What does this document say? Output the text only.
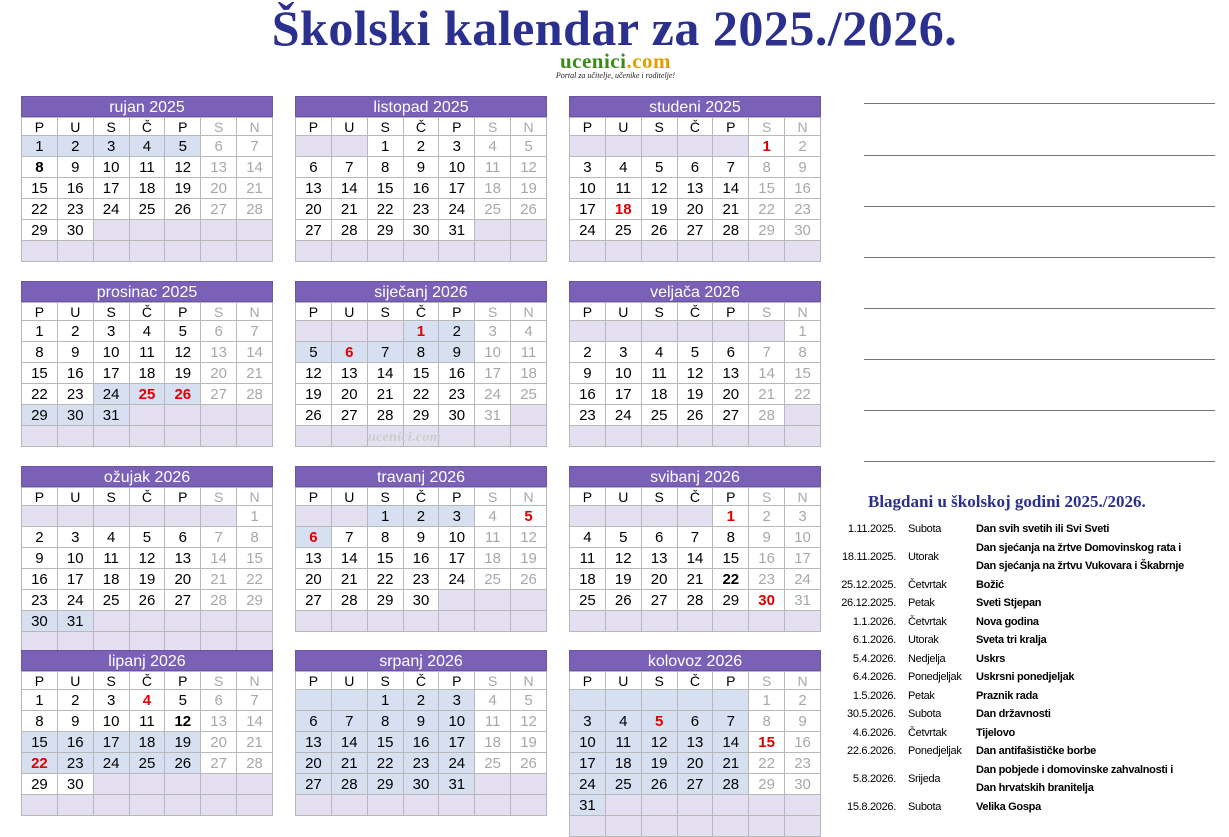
Školski kalendar za 2025./2026.
ucenici.com
Portal za učitelje, učenike i roditelje!
rujan 2025
P	U	S	Č	P	S	N
1	2	3	4	5	6	7
8	9	10	11	12	13	14
15	16	17	18	19	20	21
22	23	24	25	26	27	28
29	30					

listopad 2025
P	U	S	Č	P	S	N
		1	2	3	4	5
6	7	8	9	10	11	12
13	14	15	16	17	18	19
20	21	22	23	24	25	26
27	28	29	30	31		

studeni 2025
P	U	S	Č	P	S	N
					1	2
3	4	5	6	7	8	9
10	11	12	13	14	15	16
17	18	19	20	21	22	23
24	25	26	27	28	29	30

prosinac 2025
P	U	S	Č	P	S	N
1	2	3	4	5	6	7
8	9	10	11	12	13	14
15	16	17	18	19	20	21
22	23	24	25	26	27	28
29	30	31				

siječanj 2026
P	U	S	Č	P	S	N
			1	2	3	4
5	6	7	8	9	10	11
12	13	14	15	16	17	18
19	20	21	22	23	24	25
26	27	28	29	30	31	

veljača 2026
P	U	S	Č	P	S	N
						1
2	3	4	5	6	7	8
9	10	11	12	13	14	15
16	17	18	19	20	21	22
23	24	25	26	27	28	

ožujak 2026
P	U	S	Č	P	S	N
						1
2	3	4	5	6	7	8
9	10	11	12	13	14	15
16	17	18	19	20	21	22
23	24	25	26	27	28	29
30	31					

travanj 2026
P	U	S	Č	P	S	N
		1	2	3	4	5
6	7	8	9	10	11	12
13	14	15	16	17	18	19
20	21	22	23	24	25	26
27	28	29	30			

svibanj 2026
P	U	S	Č	P	S	N
				1	2	3
4	5	6	7	8	9	10
11	12	13	14	15	16	17
18	19	20	21	22	23	24
25	26	27	28	29	30	31

lipanj 2026
P	U	S	Č	P	S	N
1	2	3	4	5	6	7
8	9	10	11	12	13	14
15	16	17	18	19	20	21
22	23	24	25	26	27	28
29	30					

srpanj 2026
P	U	S	Č	P	S	N
		1	2	3	4	5
6	7	8	9	10	11	12
13	14	15	16	17	18	19
20	21	22	23	24	25	26
27	28	29	30	31		

kolovoz 2026
P	U	S	Č	P	S	N
					1	2
3	4	5	6	7	8	9
10	11	12	13	14	15	16
17	18	19	20	21	22	23
24	25	26	27	28	29	30
31						

ucenici.com
Blagdani u školskoj godini 2025./2026.
1.11.2025.	Subota	Dan svih svetih ili Svi Sveti
18.11.2025.	Utorak
Dan sjećanja na žrtve Domovinskog rata i
Dan sjećanja na žrtvu Vukovara i Škabrnje
25.12.2025.	Četvrtak	Božić
26.12.2025.	Petak	Sveti Stjepan
1.1.2026.	Četvrtak	Nova godina
6.1.2026.	Utorak	Sveta tri kralja
5.4.2026.	Nedjelja	Uskrs
6.4.2026.	Ponedjeljak	Uskrsni ponedjeljak
1.5.2026.	Petak	Praznik rada
30.5.2026.	Subota	Dan državnosti
4.6.2026.	Četvrtak	Tijelovo
22.6.2026.	Ponedjeljak	Dan antifašističke borbe
5.8.2026.	Srijeda
Dan pobjede i domovinske zahvalnosti i
Dan hrvatskih branitelja
15.8.2026.	Subota	Velika Gospa
